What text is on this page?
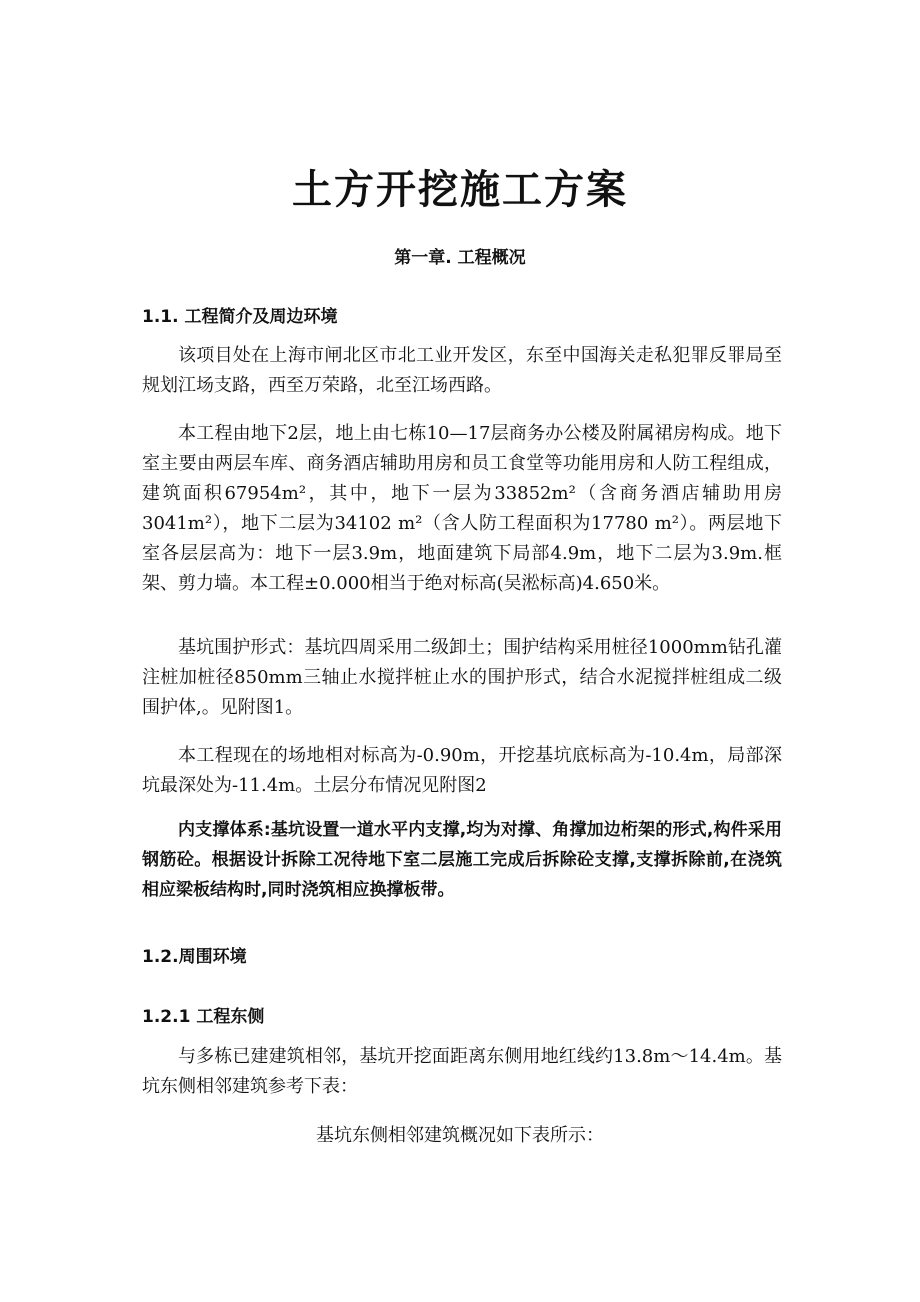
土方开挖施工方案
第一章. 工程概况
1.1. 工程简介及周边环境

该项目处在上海市闸北区市北工业开发区，东至中国海关走私犯罪反罪局至规划江场支路，西至万荣路，北至江场西路。

本工程由地下2层，地上由七栋10—17层商务办公楼及附属裙房构成。地下室主要由两层车库、商务酒店辅助用房和员工食堂等功能用房和人防工程组成，建筑面积67954m²，其中，地下一层为33852m²（含商务酒店辅助用房3041m²），地下二层为34102 m²（含人防工程面积为17780 m²）。两层地下室各层层高为：地下一层3.9m，地面建筑下局部4.9m，地下二层为3.9m.框架、剪力墙。本工程±0.000相当于绝对标高(吴淞标高)4.650米。

基坑围护形式：基坑四周采用二级卸土；围护结构采用桩径1000mm钻孔灌注桩加桩径850mm三轴止水搅拌桩止水的围护形式，结合水泥搅拌桩组成二级围护体,。见附图1。

本工程现在的场地相对标高为-0.90m，开挖基坑底标高为-10.4m，局部深坑最深处为-11.4m。土层分布情况见附图2

内支撑体系:基坑设置一道水平内支撑,均为对撑、角撑加边桁架的形式,构件采用钢筋砼。根据设计拆除工况待地下室二层施工完成后拆除砼支撑,支撑拆除前,在浇筑相应梁板结构时,同时浇筑相应换撑板带。

1.2.周围环境
1.2.1 工程东侧

与多栋已建建筑相邻，基坑开挖面距离东侧用地红线约13.8m～14.4m。基坑东侧相邻建筑参考下表：

基坑东侧相邻建筑概况如下表所示：
